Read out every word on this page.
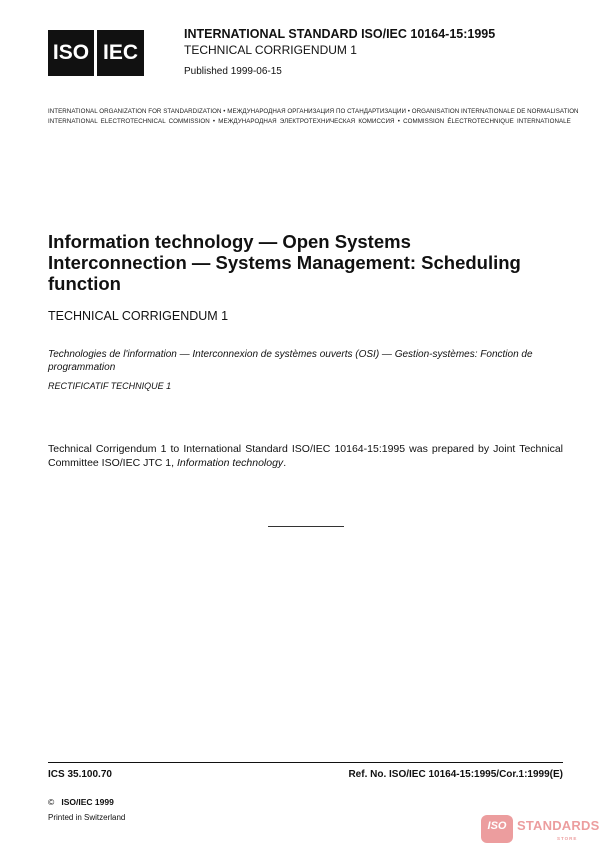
ISO IEC
INTERNATIONAL STANDARD ISO/IEC 10164-15:1995
TECHNICAL CORRIGENDUM 1
Published 1999-06-15
INTERNATIONAL ORGANIZATION FOR STANDARDIZATION • МЕЖДУНАРОДНАЯ ОРГАНИЗАЦИЯ ПО СТАНДАРТИЗАЦИИ • ORGANISATION INTERNATIONALE DE NORMALISATION
INTERNATIONAL ELECTROTECHNICAL COMMISSION • МЕЖДУНАРОДНАЯ ЭЛЕКТРОТЕХНИЧЕСКАЯ КОМИССИЯ • COMMISSION ÉLECTROTECHNIQUE INTERNATIONALE
Information technology — Open Systems
Interconnection — Systems Management: Scheduling
function
TECHNICAL CORRIGENDUM 1
Technologies de l'information — Interconnexion de systèmes ouverts (OSI) — Gestion-systèmes: Fonction de
programmation
RECTIFICATIF TECHNIQUE 1
Technical Corrigendum 1 to International Standard ISO/IEC 10164-15:1995 was prepared by Joint Technical
Committee ISO/IEC JTC 1, Information technology.
ICS 35.100.70	Ref. No. ISO/IEC 10164-15:1995/Cor.1:1999(E)
© ISO/IEC 1999
Printed in Switzerland
ISO STANDARDS
STORE
